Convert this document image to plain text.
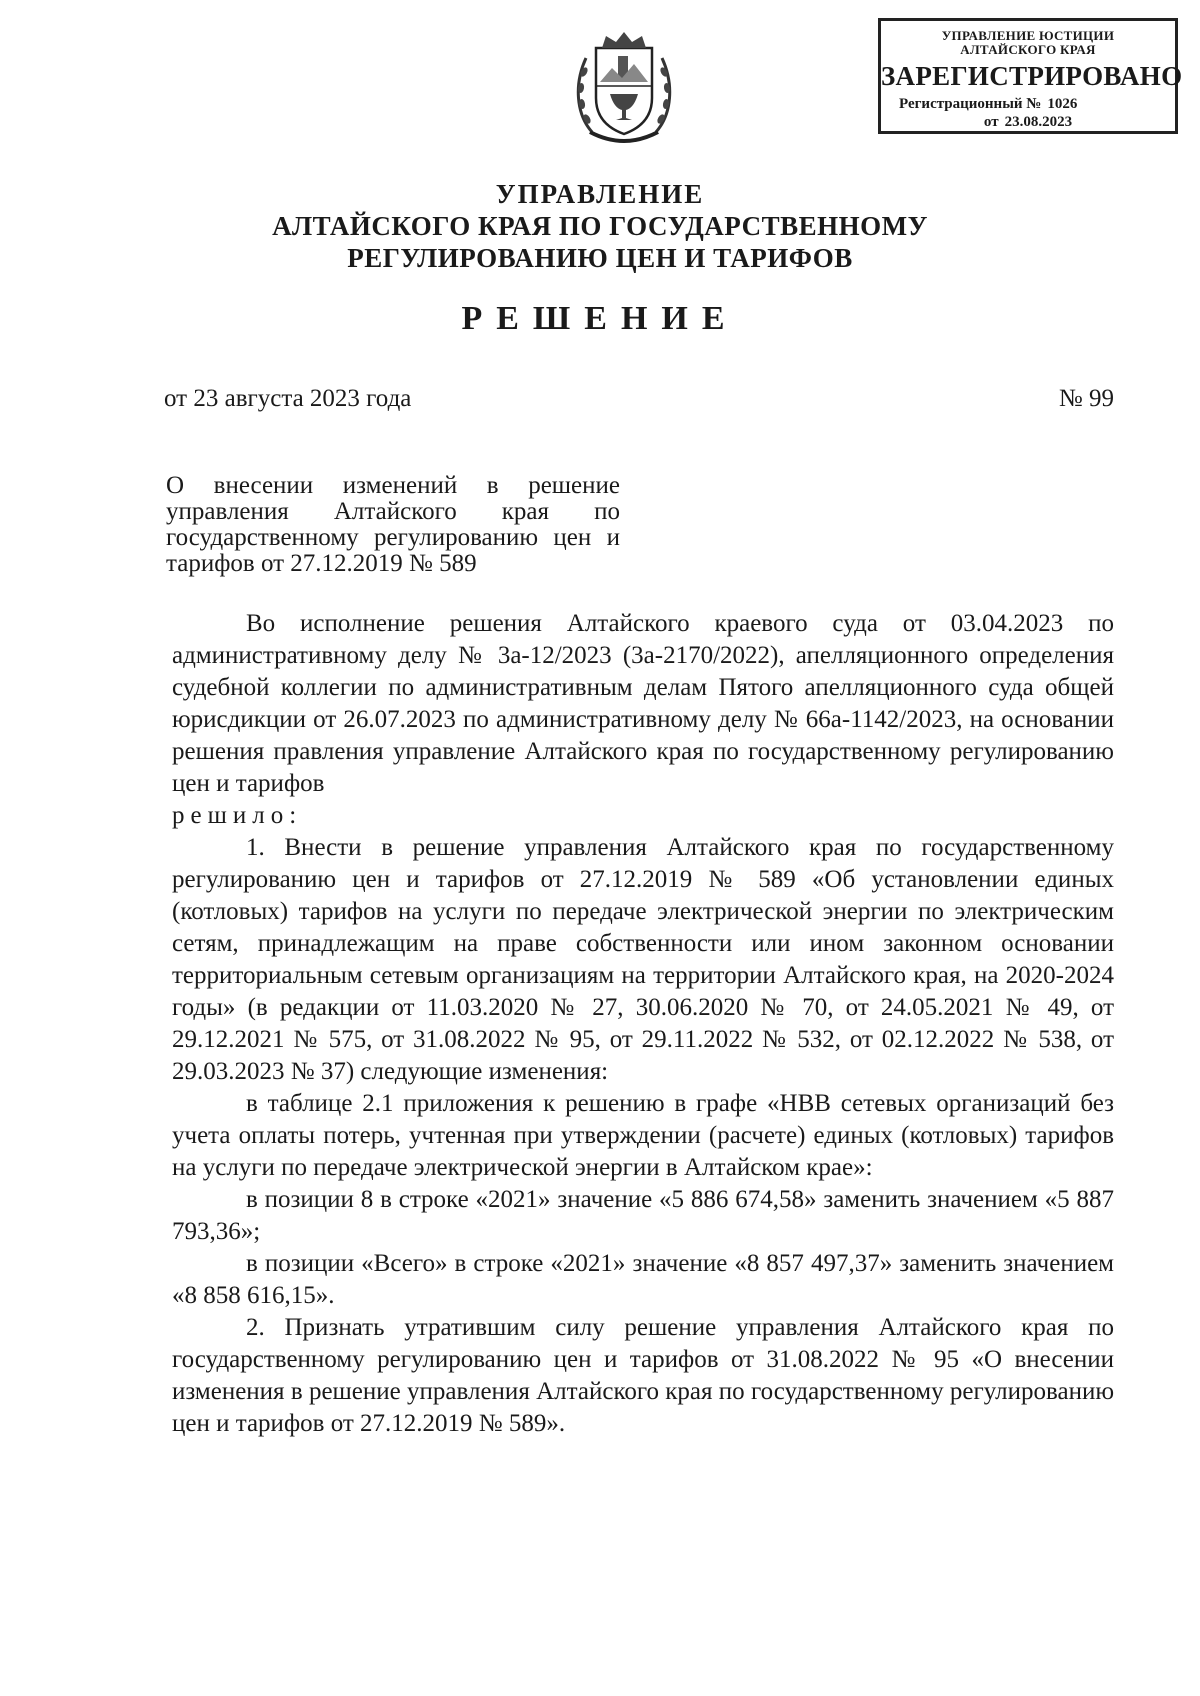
УПРАВЛЕНИЕ ЮСТИЦИИ
АЛТАЙСКОГО КРАЯ
ЗАРЕГИСТРИРОВАНО
Регистрационный № 1026
от 23.08.2023
УПРАВЛЕНИЕ
АЛТАЙСКОГО КРАЯ ПО ГОСУДАРСТВЕННОМУ
РЕГУЛИРОВАНИЮ ЦЕН И ТАРИФОВ
РЕШЕНИЕ
от 23 августа 2023 года	№ 99
О внесении изменений в решение управления Алтайского края по государственному регулированию цен и тарифов от 27.12.2019 № 589

Во исполнение решения Алтайского краевого суда от 03.04.2023 по административному делу № 3а-12/2023 (3а-2170/2022), апелляционного определения судебной коллегии по административным делам Пятого апелляционного суда общей юрисдикции от 26.07.2023 по административному делу № 66а-1142/2023, на основании решения правления управление Алтайского края по государственному регулированию цен и тарифов

решило:

1. Внести в решение управления Алтайского края по государственному регулированию цен и тарифов от 27.12.2019 № 589 «Об установлении единых (котловых) тарифов на услуги по передаче электрической энергии по электрическим сетям, принадлежащим на праве собственности или ином законном основании территориальным сетевым организациям на территории Алтайского края, на 2020-2024 годы» (в редакции от 11.03.2020 № 27, 30.06.2020 № 70, от 24.05.2021 № 49, от 29.12.2021 № 575, от 31.08.2022 № 95, от 29.11.2022 № 532, от 02.12.2022 № 538, от 29.03.2023 № 37) следующие изменения:

в таблице 2.1 приложения к решению в графе «НВВ сетевых организаций без учета оплаты потерь, учтенная при утверждении (расчете) единых (котловых) тарифов на услуги по передаче электрической энергии в Алтайском крае»:

в позиции 8 в строке «2021» значение «5 886 674,58» заменить значением «5 887 793,36»;

в позиции «Всего» в строке «2021» значение «8 857 497,37» заменить значением «8 858 616,15».

2. Признать утратившим силу решение управления Алтайского края по государственному регулированию цен и тарифов от 31.08.2022 № 95 «О внесении изменения в решение управления Алтайского края по государственному регулированию цен и тарифов от 27.12.2019 № 589».
